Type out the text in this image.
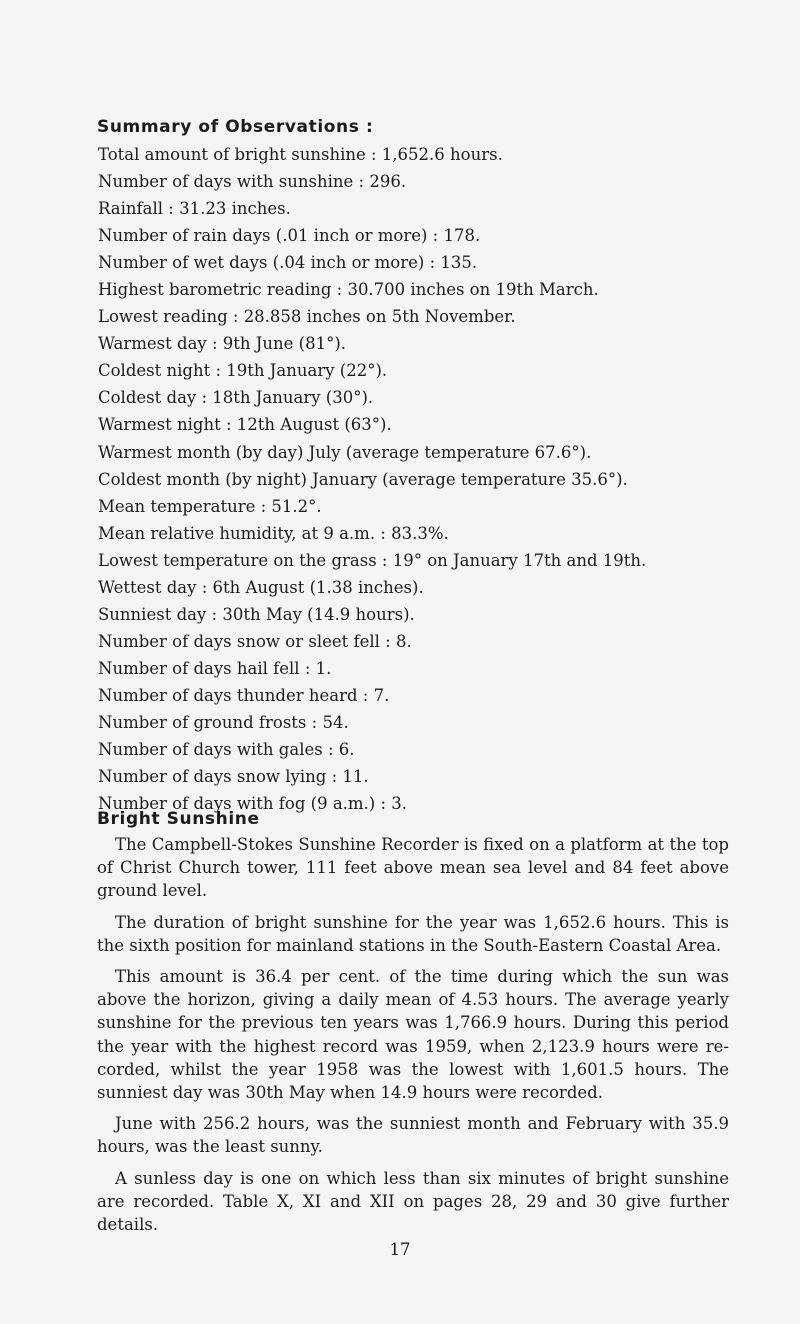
Summary of Observations :
Total amount of bright sunshine : 1,652.6 hours.
Number of days with sunshine : 296.
Rainfall : 31.23 inches.
Number of rain days (.01 inch or more) : 178.
Number of wet days (.04 inch or more) : 135.
Highest barometric reading : 30.700 inches on 19th March.
Lowest reading : 28.858 inches on 5th November.
Warmest day : 9th June (81°).
Coldest night : 19th January (22°).
Coldest day : 18th January (30°).
Warmest night : 12th August (63°).
Warmest month (by day) July (average temperature 67.6°).
Coldest month (by night) January (average temperature 35.6°).
Mean temperature : 51.2°.
Mean relative humidity, at 9 a.m. : 83.3%.
Lowest temperature on the grass : 19° on January 17th and 19th.
Wettest day : 6th August (1.38 inches).
Sunniest day : 30th May (14.9 hours).
Number of days snow or sleet fell : 8.
Number of days hail fell : 1.
Number of days thunder heard : 7.
Number of ground frosts : 54.
Number of days with gales : 6.
Number of days snow lying : 11.
Number of days with fog (9 a.m.) : 3.
Bright Sunshine

The Campbell-Stokes Sunshine Recorder is fixed on a platform at the top of Christ Church tower, 111 feet above mean sea level and 84 feet above ground level.

The duration of bright sunshine for the year was 1,652.6 hours. This is the sixth position for mainland stations in the South-Eastern Coastal Area.

This amount is 36.4 per cent. of the time during which the sun was above the horizon, giving a daily mean of 4.53 hours. The average yearly sunshine for the previous ten years was 1,766.9 hours. During this period the year with the highest record was 1959, when 2,123.9 hours were re-corded, whilst the year 1958 was the lowest with 1,601.5 hours. The sunniest day was 30th May when 14.9 hours were recorded.

June with 256.2 hours, was the sunniest month and February with 35.9 hours, was the least sunny.

A sunless day is one on which less than six minutes of bright sunshine are recorded. Table X, XI and XII on pages 28, 29 and 30 give further details.

17
